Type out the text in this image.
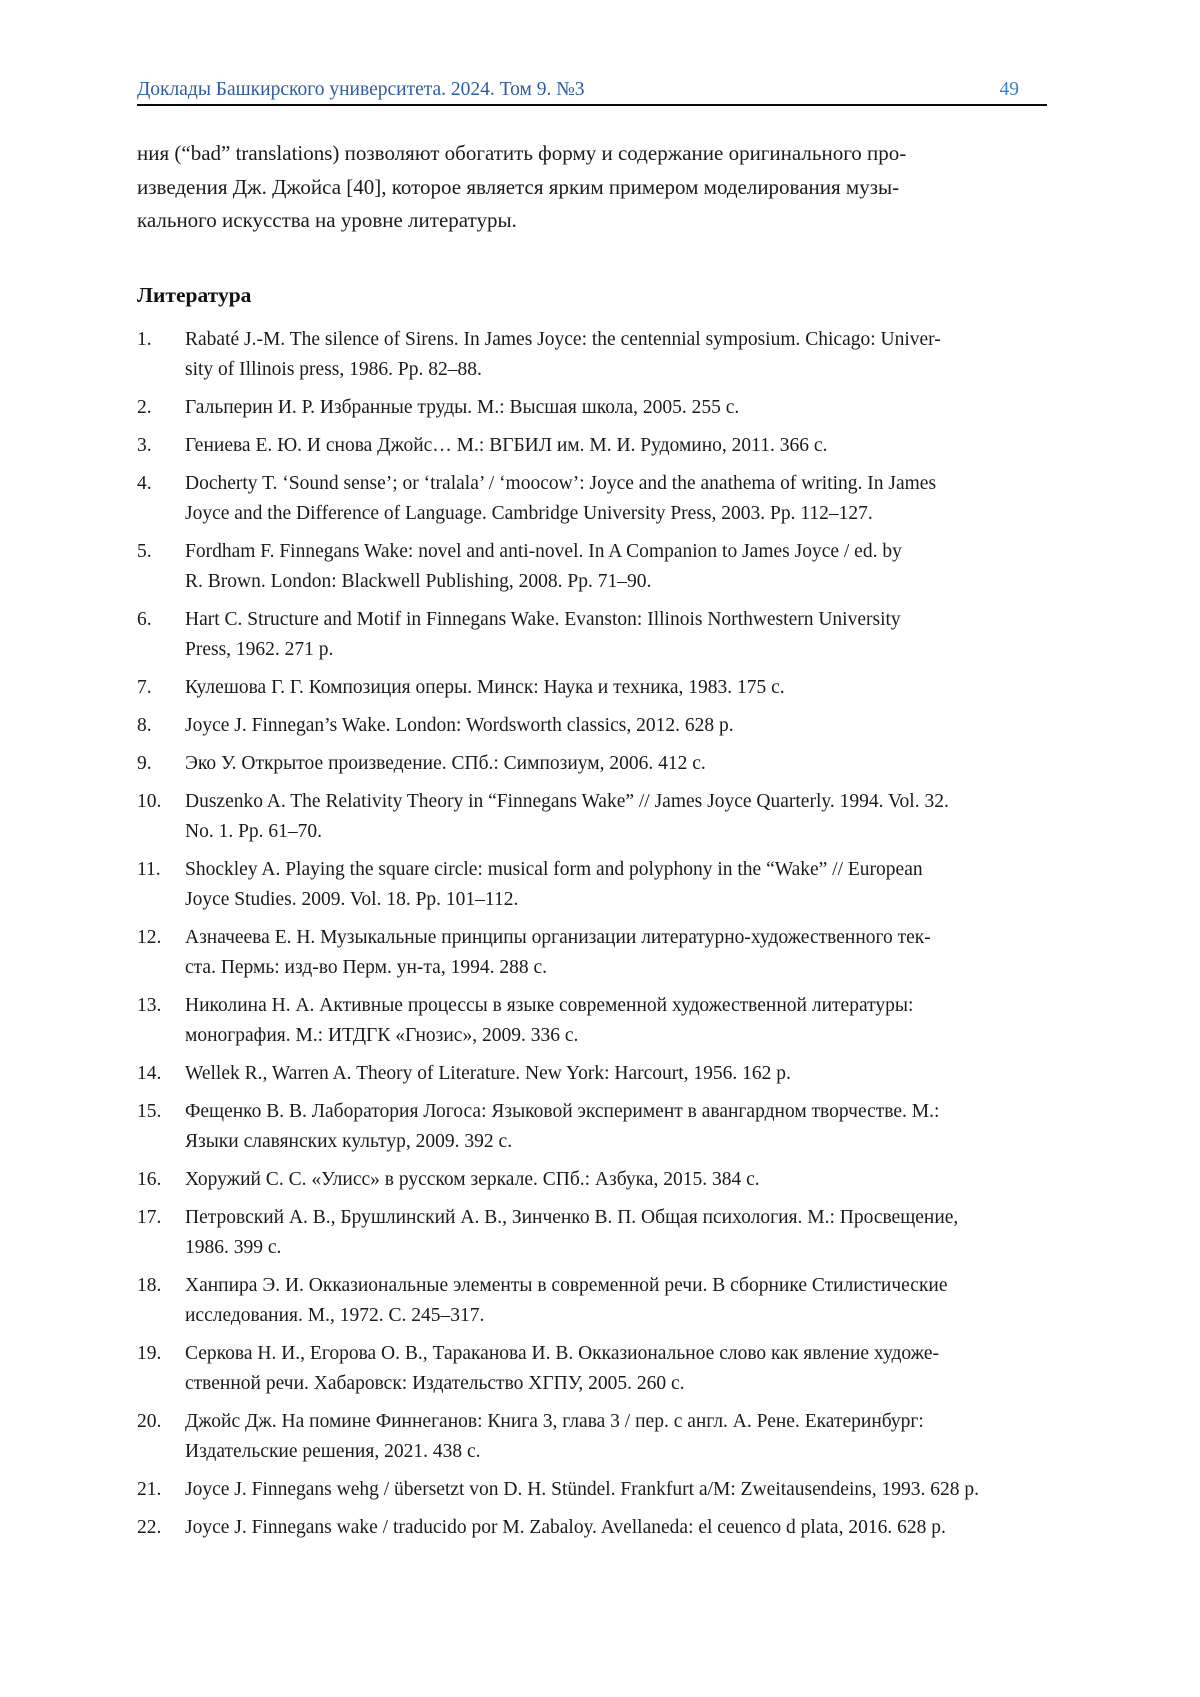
Доклады Башкирского университета. 2024. Том 9. №3	49
ния (“bad” translations) позволяют обогатить форму и содержание оригинального про-
изведения Дж. Джойса [40], которое является ярким примером моделирования музы-
кального искусства на уровне литературы.
Литература
1.	Rabaté J.-M. The silence of Sirens. In James Joyce: the centennial symposium. Chicago: Univer-
sity of Illinois press, 1986. Pp. 82–88.
2.	Гальперин И. Р. Избранные труды. М.: Высшая школа, 2005. 255 с.
3.	Гениева Е. Ю. И снова Джойс… М.: ВГБИЛ им. М. И. Рудомино, 2011. 366 с.
4.	Docherty T. ‘Sound sense’; or ‘tralala’ / ‘moocow’: Joyce and the anathema of writing. In James
Joyce and the Difference of Language. Cambridge University Press, 2003. Pp. 112–127.
5.	Fordham F. Finnegans Wake: novel and anti-novel. In A Companion to James Joyce / ed. by
R. Brown. London: Blackwell Publishing, 2008. Pp. 71–90.
6.	Hart C. Structure and Motif in Finnegans Wake. Evanston: Illinois Northwestern University
Press, 1962. 271 p.
7.	Кулешова Г. Г. Композиция оперы. Минск: Наука и техника, 1983. 175 с.
8.	Joyce J. Finnegan’s Wake. London: Wordsworth classics, 2012. 628 p.
9.	Эко У. Открытое произведение. СПб.: Симпозиум, 2006. 412 с.
10.	Duszenko A. The Relativity Theory in “Finnegans Wake” // James Joyce Quarterly. 1994. Vol. 32.
No. 1. Pp. 61–70.
11.	Shockley A. Playing the square circle: musical form and polyphony in the “Wake” // European
Joyce Studies. 2009. Vol. 18. Pp. 101–112.
12.	Азначеева Е. Н. Музыкальные принципы организации литературно-художественного тек-
ста. Пермь: изд-во Перм. ун-та, 1994. 288 с.
13.	Николина Н. А. Активные процессы в языке современной художественной литературы:
монография. М.: ИТДГК «Гнозис», 2009. 336 с.
14.	Wellek R., Warren A. Theory of Literature. New York: Harcourt, 1956. 162 p.
15.	Фещенко В. В. Лаборатория Логоса: Языковой эксперимент в авангардном творчестве. М.:
Языки славянских культур, 2009. 392 с.
16.	Хоружий С. С. «Улисс» в русском зеркале. СПб.: Азбука, 2015. 384 с.
17.	Петровский А. В., Брушлинский А. В., Зинченко В. П. Общая психология. М.: Просвещение,
1986. 399 с.
18.	Ханпира Э. И. Окказиональные элементы в современной речи. В сборнике Стилистические
исследования. М., 1972. С. 245–317.
19.	Серкова Н. И., Егорова О. В., Тараканова И. В. Окказиональное слово как явление художе-
ственной речи. Хабаровск: Издательство ХГПУ, 2005. 260 с.
20.	Джойс Дж. На помине Финнеганов: Книга 3, глава 3 / пер. с англ. А. Рене. Екатеринбург:
Издательские решения, 2021. 438 с.
21.	Joyce J. Finnegans wehg / übersetzt von D. H. Stündel. Frankfurt a/M: Zweitausendeins, 1993. 628 p.
22.	Joyce J. Finnegans wake / traducido por M. Zabaloy. Avellaneda: el ceuenco d plata, 2016. 628 p.
